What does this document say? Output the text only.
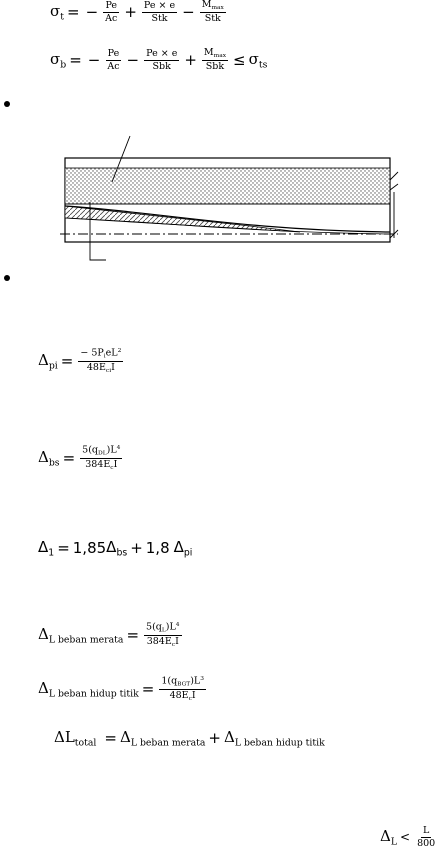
$\sigma_t$ = − $\frac{Pe}{Ac} + \frac{Pe \times e}{\text{Stk}} - \frac{M_{max}}{\text{Stk}}$
$\sigma_b$ = − $\frac{Pe}{Ac} - \frac{Pe \times e}{\text{Sbk}} + \frac{M_{max}}{\text{Sbk}} \le \sigma_{ts}$
$\Delta_{pi} = \frac{- 5P_ieL^2}{48E_{ci}I}$
$\Delta_{bs} = \frac{5(q_{DL})L^4}{384E_cI}$
$\Delta_1 = 1,85$ $\Delta_{bs} + 1,8$ $\Delta_{pi}$
$\Delta_{L beban merata} = \frac{5(q_L)L^4}{384E_cI}$
$\Delta_{L beban hidup titik} = \frac{1(q_{BGT})L^3}{48E_cI}$
$\Delta L_{total} = \Delta_{L beban merata} + \Delta_{L beban hidup titik}$
$\Delta_L < \frac{L}{800}$
